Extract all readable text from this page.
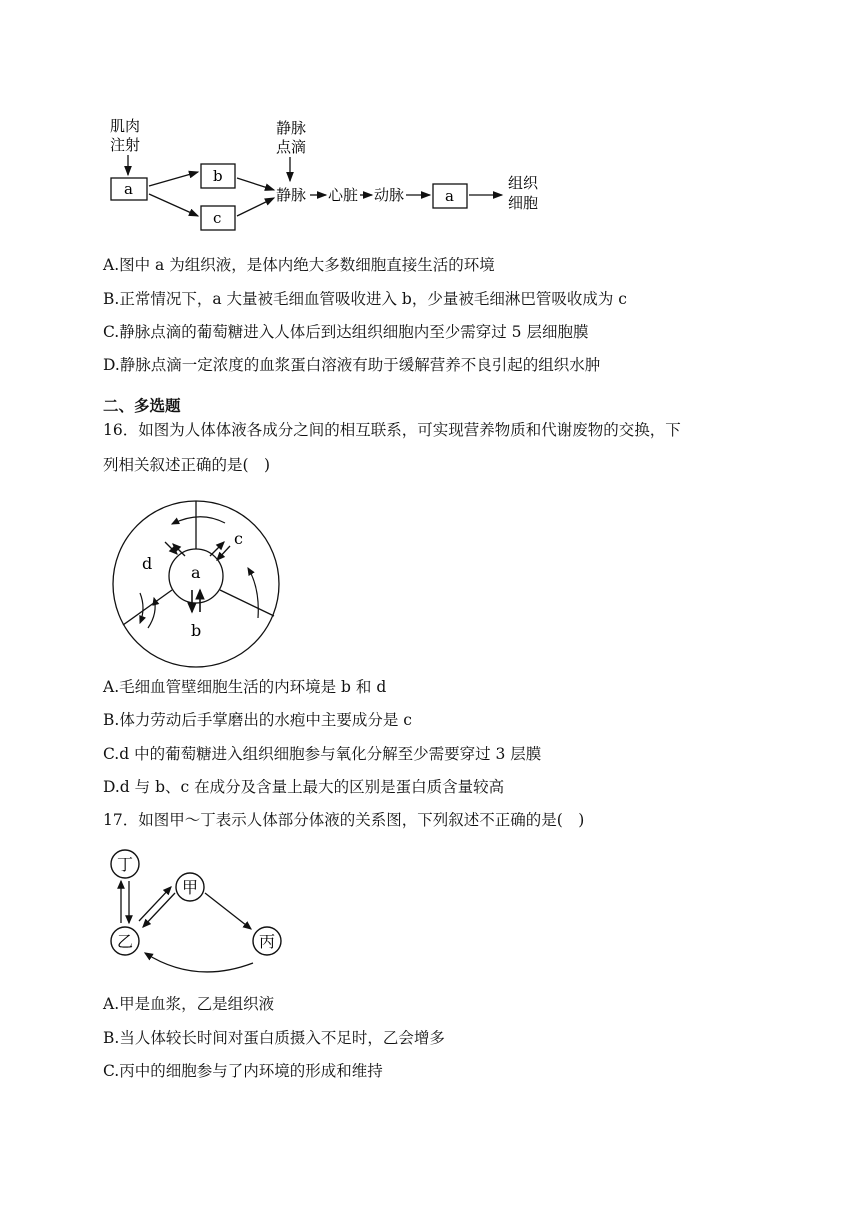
肌肉
注射
a
b
c
静脉
点滴
静脉 心脏 动脉	a
组织
细胞
A.图中 a 为组织液，是体内绝大多数细胞直接生活的环境
B.正常情况下，a 大量被毛细血管吸收进入 b，少量被毛细淋巴管吸收成为 c
C.静脉点滴的葡萄糖进入人体后到达组织细胞内至少需穿过 5 层细胞膜
D.静脉点滴一定浓度的血浆蛋白溶液有助于缓解营养不良引起的组织水肿
二、多选题
16．如图为人体体液各成分之间的相互联系，可实现营养物质和代谢废物的交换，下
列相关叙述正确的是(　)
a
b
c
d
A.毛细血管壁细胞生活的内环境是 b 和 d
B.体力劳动后手掌磨出的水疱中主要成分是 c
C.d 中的葡萄糖进入组织细胞参与氧化分解至少需要穿过 3 层膜
D.d 与 b、c 在成分及含量上最大的区别是蛋白质含量较高
17．如图甲～丁表示人体部分体液的关系图，下列叙述不正确的是(　)
丁
甲
乙	丙
A.甲是血浆，乙是组织液
B.当人体较长时间对蛋白质摄入不足时，乙会增多
C.丙中的细胞参与了内环境的形成和维持
